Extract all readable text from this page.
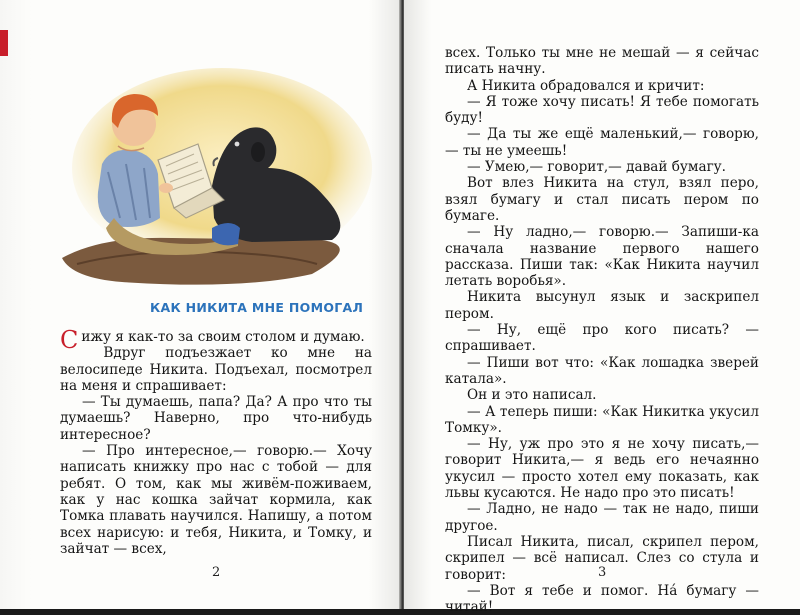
КАК НИКИТА МНЕ ПОМОГАЛ

Сижу я как-то за своим столом и думаю.

Вдруг подъезжает ко мне на велосипеде Никита. Подъехал, посмотрел на меня и спрашивает:

— Ты думаешь, папа? Да? А про что ты думаешь? Наверно, про что-нибудь интересное?

— Про интересное,— говорю.— Хочу написать книжку про нас с тобой — для ребят. О том, как мы живём-поживаем, как у нас кошка зайчат кормила, как Томка плавать научился. Напишу, а потом всех нарисую: и тебя, Никита, и Томку, и зайчат — всех,

2

всех. Только ты мне не мешай — я сейчас писать начну.

А Никита обрадовался и кричит:

— Я тоже хочу писать! Я тебе помогать буду!

— Да ты же ещё маленький,— говорю,— ты не умеешь!

— Умею,— говорит,— давай бумагу.

Вот влез Никита на стул, взял перо, взял бумагу и стал писать пером по бумаге.

— Ну ладно,— говорю.— Запиши-ка сначала название первого нашего рассказа. Пиши так: «Как Никита научил летать воробья».

Никита высунул язык и заскрипел пером.

— Ну, ещё про кого писать? — спрашивает.

— Пиши вот что: «Как лошадка зверей катала».

Он и это написал.

— А теперь пиши: «Как Никитка укусил Томку».

— Ну, уж про это я не хочу писать,— говорит Никита,— я ведь его нечаянно укусил — просто хотел ему показать, как львы кусаются. Не надо про это писать!

— Ладно, не надо — так не надо, пиши другое.

Писал Никита, писал, скрипел пером, скрипел — всё написал. Слез со стула и говорит:

— Вот я тебе и помог. Нá бумагу — читай!

3
